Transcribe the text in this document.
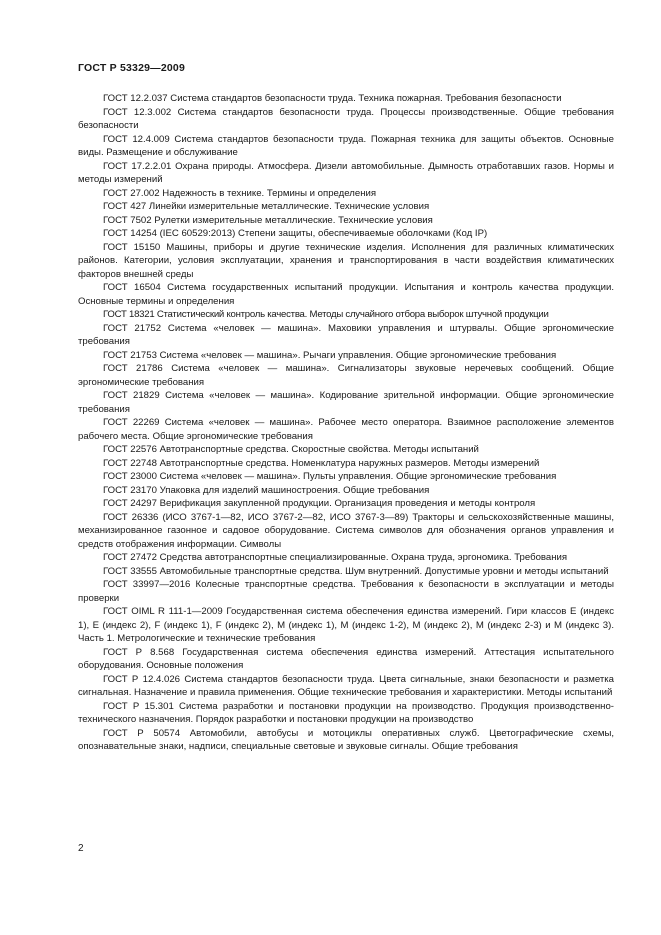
ГОСТ Р 53329—2009

ГОСТ 12.2.037 Система стандартов безопасности труда. Техника пожарная. Требования безопасности

ГОСТ 12.3.002 Система стандартов безопасности труда. Процессы производственные. Общие требования безопасности

ГОСТ 12.4.009 Система стандартов безопасности труда. Пожарная техника для защиты объектов. Основные виды. Размещение и обслуживание

ГОСТ 17.2.2.01 Охрана природы. Атмосфера. Дизели автомобильные. Дымность отработавших газов. Нормы и методы измерений

ГОСТ 27.002 Надежность в технике. Термины и определения

ГОСТ 427 Линейки измерительные металлические. Технические условия

ГОСТ 7502 Рулетки измерительные металлические. Технические условия

ГОСТ 14254 (IEC 60529:2013) Степени защиты, обеспечиваемые оболочками (Код IP)

ГОСТ 15150 Машины, приборы и другие технические изделия. Исполнения для различных климатических районов. Категории, условия эксплуатации, хранения и транспортирования в части воздействия климатических факторов внешней среды

ГОСТ 16504 Система государственных испытаний продукции. Испытания и контроль качества продукции. Основные термины и определения

ГОСТ 18321 Статистический контроль качества. Методы случайного отбора выборок штучной продукции

ГОСТ 21752 Система «человек — машина». Маховики управления и штурвалы. Общие эргономические требования

ГОСТ 21753 Система «человек — машина». Рычаги управления. Общие эргономические требования

ГОСТ 21786 Система «человек — машина». Сигнализаторы звуковые неречевых сообщений. Общие эргономические требования

ГОСТ 21829 Система «человек — машина». Кодирование зрительной информации. Общие эргономические требования

ГОСТ 22269 Система «человек — машина». Рабочее место оператора. Взаимное расположение элементов рабочего места. Общие эргономические требования

ГОСТ 22576 Автотранспортные средства. Скоростные свойства. Методы испытаний

ГОСТ 22748 Автотранспортные средства. Номенклатура наружных размеров. Методы измерений

ГОСТ 23000 Система «человек — машина». Пульты управления. Общие эргономические требования

ГОСТ 23170 Упаковка для изделий машиностроения. Общие требования

ГОСТ 24297 Верификация закупленной продукции. Организация проведения и методы контроля

ГОСТ 26336 (ИСО 3767-1—82, ИСО 3767-2—82, ИСО 3767-3—89) Тракторы и сельскохозяйственные машины, механизированное газонное и садовое оборудование. Система символов для обозначения органов управления и средств отображения информации. Символы

ГОСТ 27472 Средства автотранспортные специализированные. Охрана труда, эргономика. Требования

ГОСТ 33555 Автомобильные транспортные средства. Шум внутренний. Допустимые уровни и методы испытаний

ГОСТ 33997—2016 Колесные транспортные средства. Требования к безопасности в эксплуатации и методы проверки

ГОСТ OIML R 111-1—2009 Государственная система обеспечения единства измерений. Гири классов E (индекс 1), E (индекс 2), F (индекс 1), F (индекс 2), M (индекс 1), M (индекс 1-2), M (индекс 2), M (индекс 2-3) и M (индекс 3). Часть 1. Метрологические и технические требования

ГОСТ Р 8.568 Государственная система обеспечения единства измерений. Аттестация испытательного оборудования. Основные положения

ГОСТ Р 12.4.026 Система стандартов безопасности труда. Цвета сигнальные, знаки безопасности и разметка сигнальная. Назначение и правила применения. Общие технические требования и характеристики. Методы испытаний

ГОСТ Р 15.301 Система разработки и постановки продукции на производство. Продукция производственно-технического назначения. Порядок разработки и постановки продукции на производство

ГОСТ Р 50574 Автомобили, автобусы и мотоциклы оперативных служб. Цветографические схемы, опознавательные знаки, надписи, специальные световые и звуковые сигналы. Общие требования

2
